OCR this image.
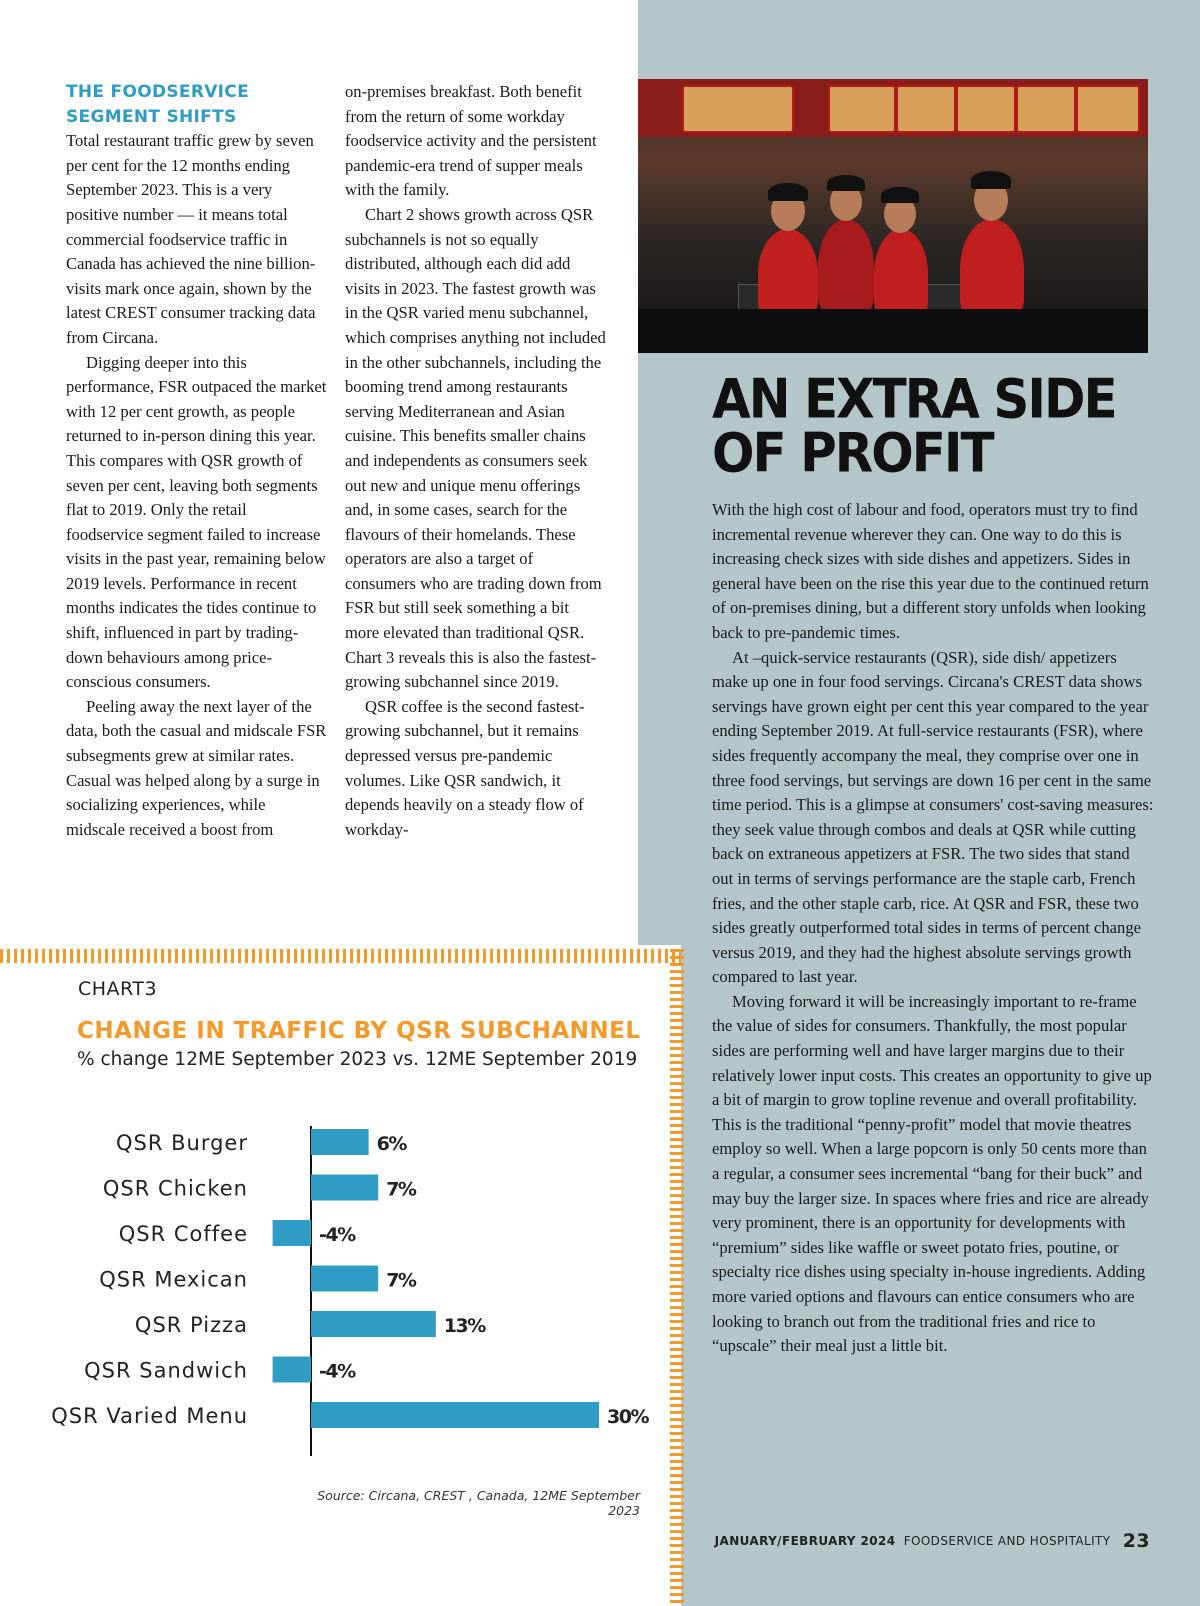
THE FOODSERVICE
SEGMENT SHIFTS

Total restaurant traffic grew by seven per cent for the 12 months ending September 2023. This is a very positive number — it means total commercial foodservice traffic in Canada has achieved the nine billion-visits mark once again, shown by the latest CREST consumer tracking data from Circana.

Digging deeper into this performance, FSR outpaced the market with 12 per cent growth, as people returned to in-person dining this year. This compares with QSR growth of seven per cent, leaving both segments flat to 2019. Only the retail foodservice segment failed to increase visits in the past year, remaining below 2019 levels. Performance in recent months indicates the tides continue to shift, influenced in part by trading-down behaviours among price-conscious consumers.

Peeling away the next layer of the data, both the casual and midscale FSR subsegments grew at similar rates. Casual was helped along by a surge in socializing experiences, while midscale received a boost from

on-premises breakfast. Both benefit from the return of some workday foodservice activity and the persistent pandemic-era trend of supper meals with the family.

Chart 2 shows growth across QSR subchannels is not so equally distributed, although each did add visits in 2023. The fastest growth was in the QSR varied menu subchannel, which comprises anything not included in the other subchannels, including the booming trend among restaurants serving Mediterranean and Asian cuisine. This benefits smaller chains and independents as consumers seek out new and unique menu offerings and, in some cases, search for the flavours of their homelands. These operators are also a target of consumers who are trading down from FSR but still seek something a bit more elevated than traditional QSR. Chart 3 reveals this is also the fastest-growing subchannel since 2019.

QSR coffee is the second fastest-growing subchannel, but it remains depressed versus pre-pandemic volumes. Like QSR sandwich, it depends heavily on a steady flow of workday-

AN EXTRA SIDE
OF PROFIT

With the high cost of labour and food, operators must try to find incremental revenue wherever they can. One way to do this is increasing check sizes with side dishes and appetizers. Sides in general have been on the rise this year due to the continued return of on-premises dining, but a different story unfolds when looking back to pre-pandemic times.

At –quick-service restaurants (QSR), side dish/ appetizers make up one in four food servings. Circana's CREST data shows servings have grown eight per cent this year compared to the year ending September 2019. At full-service restaurants (FSR), where sides frequently accompany the meal, they comprise over one in three food servings, but servings are down 16 per cent in the same time period. This is a glimpse at consumers' cost-saving measures: they seek value through combos and deals at QSR while cutting back on extraneous appetizers at FSR. The two sides that stand out in terms of servings performance are the staple carb, French fries, and the other staple carb, rice. At QSR and FSR, these two sides greatly outperformed total sides in terms of percent change versus 2019, and they had the highest absolute servings growth compared to last year.

Moving forward it will be increasingly important to re-frame the value of sides for consumers. Thankfully, the most popular sides are performing well and have larger margins due to their relatively lower input costs. This creates an opportunity to give up a bit of margin to grow topline revenue and overall profitability. This is the traditional “penny-profit” model that movie theatres employ so well. When a large popcorn is only 50 cents more than a regular, a consumer sees incremental “bang for their buck” and may buy the larger size. In spaces where fries and rice are already very prominent, there is an opportunity for developments with “premium” sides like waffle or sweet potato fries, poutine, or specialty rice dishes using specialty in-house ingredients. Adding more varied options and flavours can entice consumers who are looking to branch out from the traditional fries and rice to “upscale” their meal just a little bit.

CHART3

CHANGE IN TRAFFIC BY QSR SUBCHANNEL

% change 12ME September 2023 vs. 12ME September 2019

QSR Burger	6%
QSR Chicken	7%
QSR Coffee	-4%
QSR Mexican	7%
QSR Pizza	13%
QSR Sandwich	-4%
QSR Varied Menu	30%

Source: Circana, CREST , Canada, 12ME September 2023

JANUARY/FEBRUARY 2024 FOODSERVICE AND HOSPITALITY 23
